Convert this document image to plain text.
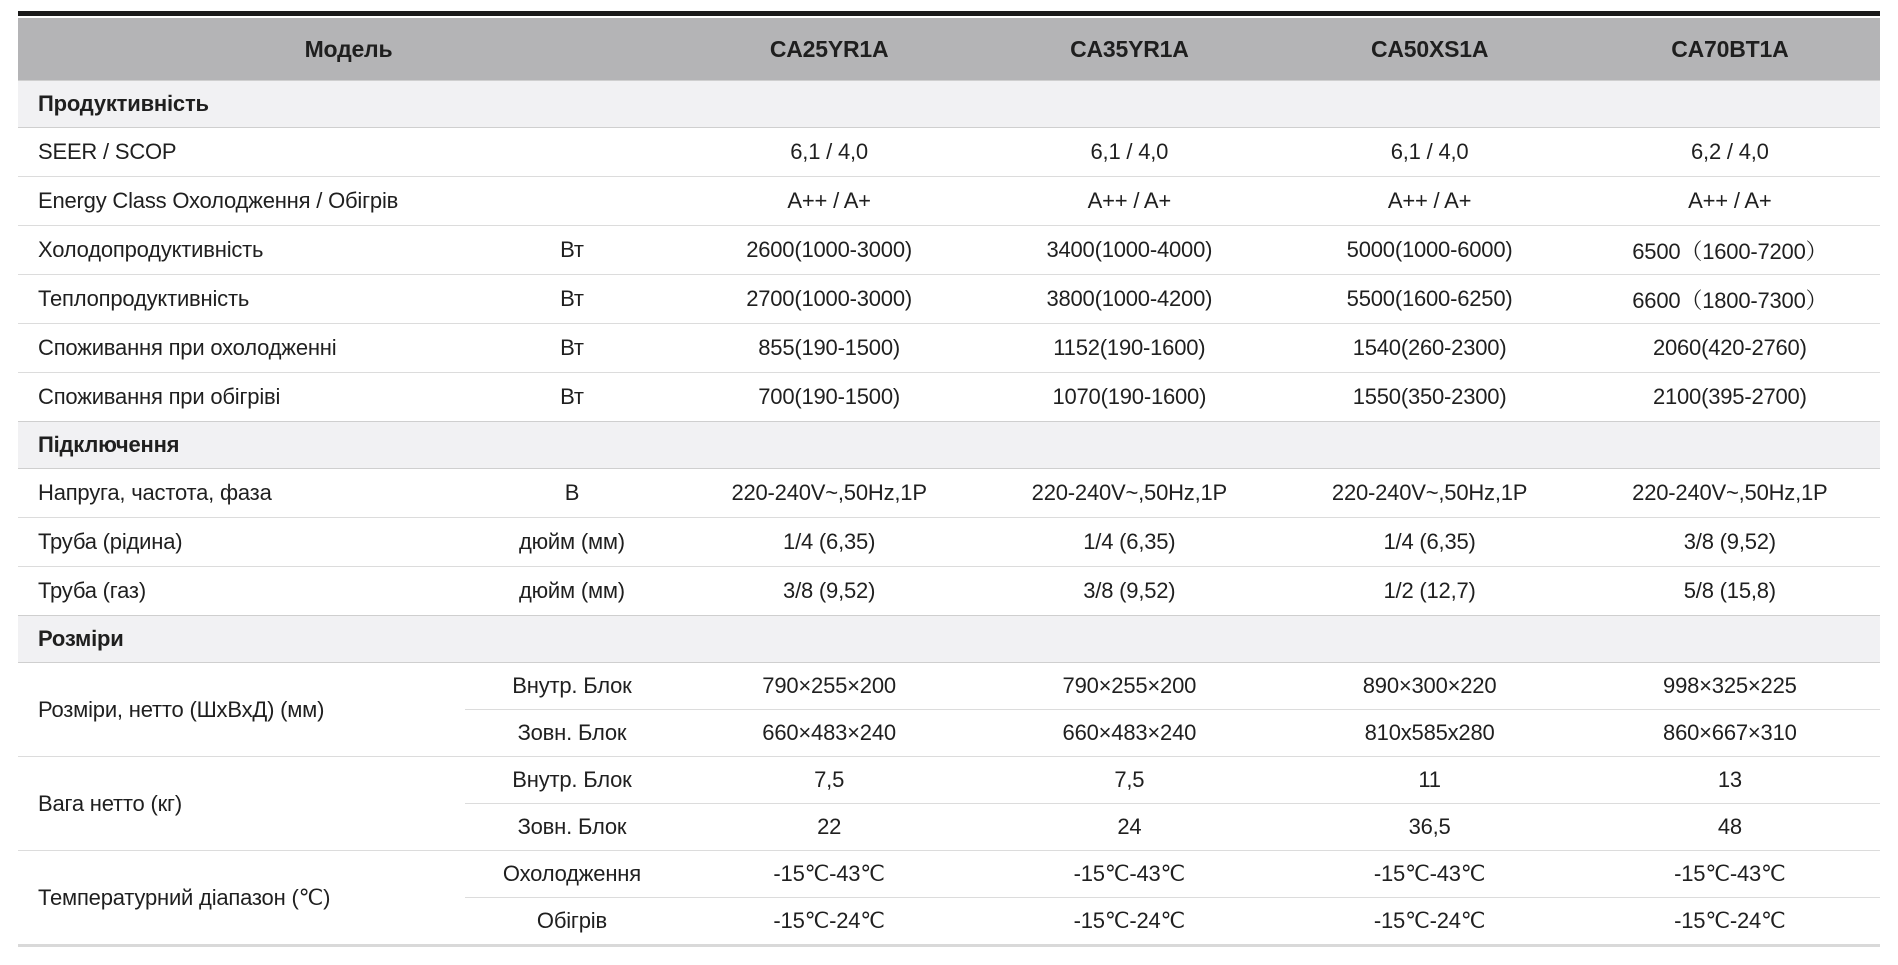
Модель		CA25YR1A	CA35YR1A	CA50XS1A	CA70BT1A
Продуктивність					
SEER / SCOP		6,1 / 4,0	6,1 / 4,0	6,1 / 4,0	6,2 / 4,0
Energy Class Охолодження / Обігрів		A++ / A+	A++ / A+	A++ / A+	A++ / A+
Холодопродуктивність	Вт	2600(1000-3000)	3400(1000-4000)	5000(1000-6000)	6500（1600-7200）
Теплопродуктивність	Вт	2700(1000-3000)	3800(1000-4200)	5500(1600-6250)	6600（1800-7300）
Споживання при охолодженні	Вт	855(190-1500)	1152(190-1600)	1540(260-2300)	2060(420-2760)
Споживання при обігріві	Вт	700(190-1500)	1070(190-1600)	1550(350-2300)	2100(395-2700)
Підключення					
Напруга, частота, фаза	В	220-240V~,50Hz,1P	220-240V~,50Hz,1P	220-240V~,50Hz,1P	220-240V~,50Hz,1P
Труба (рідина)	дюйм (мм)	1/4 (6,35)	1/4 (6,35)	1/4 (6,35)	3/8 (9,52)
Труба (газ)	дюйм (мм)	3/8 (9,52)	3/8 (9,52)	1/2 (12,7)	5/8 (15,8)
Розміри					
Розміри, нетто (ШхВхД) (мм)	Внутр. Блок	790×255×200	790×255×200	890×300×220	998×325×225
	Зовн. Блок	660×483×240	660×483×240	810x585x280	860×667×310
Вага нетто (кг)	Внутр. Блок	7,5	7,5	11	13
	Зовн. Блок	22	24	36,5	48
Температурний діапазон (℃)	Охолодження	-15℃-43℃	-15℃-43℃	-15℃-43℃	-15℃-43℃
	Обігрів	-15℃-24℃	-15℃-24℃	-15℃-24℃	-15℃-24℃
